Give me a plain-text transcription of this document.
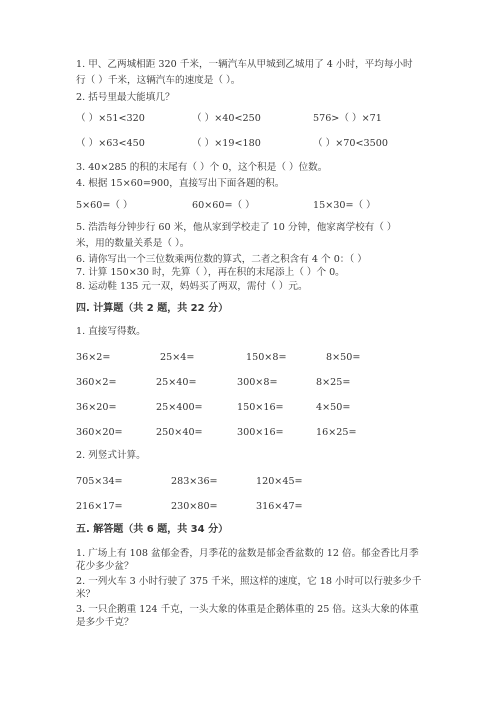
1. 甲、乙两城相距 320 千米，一辆汽车从甲城到乙城用了 4 小时，平均每小时
行（ ）千米，这辆汽车的速度是（ ）。
2. 括号里最大能填几？
（ ）×51<320	（ ）×40<250	576>（ ）×71
（ ）×63<450	（ ）×19<180	（ ）×70<3500
3. 40×285 的积的末尾有（ ）个 0，这个积是（ ）位数。
4. 根据 15×60=900，直接写出下面各题的积。
5×60=（ ）	60×60=（ ）	15×30=（ ）
5. 浩浩每分钟步行 60 米，他从家到学校走了 10 分钟，他家离学校有（ ）
米，用的数量关系是（ ）。
6. 请你写出一个三位数乘两位数的算式，二者之积含有 4 个 0：（ ）
7. 计算 150×30 时，先算（ ），再在积的末尾添上（ ）个 0。
8. 运动鞋 135 元一双，妈妈买了两双，需付（ ）元。
四. 计算题（共 2 题，共 22 分）
1. 直接写得数。
36×2=	25×4=	150×8=	8×50=
360×2=	25×40=	300×8=	8×25=
36×20=	25×400=	150×16=	4×50=
360×20=	250×40=	300×16=	16×25=
2. 列竖式计算。
705×34=	283×36=	120×45=
216×17=	230×80=	316×47=
五. 解答题（共 6 题，共 34 分）
1. 广场上有 108 盆郁金香，月季花的盆数是郁金香盆数的 12 倍。郁金香比月季
花少多少盆？
2. 一列火车 3 小时行驶了 375 千米，照这样的速度，它 18 小时可以行驶多少千
米？
3. 一只企鹅重 124 千克，一头大象的体重是企鹅体重的 25 倍。这头大象的体重
是多少千克？
